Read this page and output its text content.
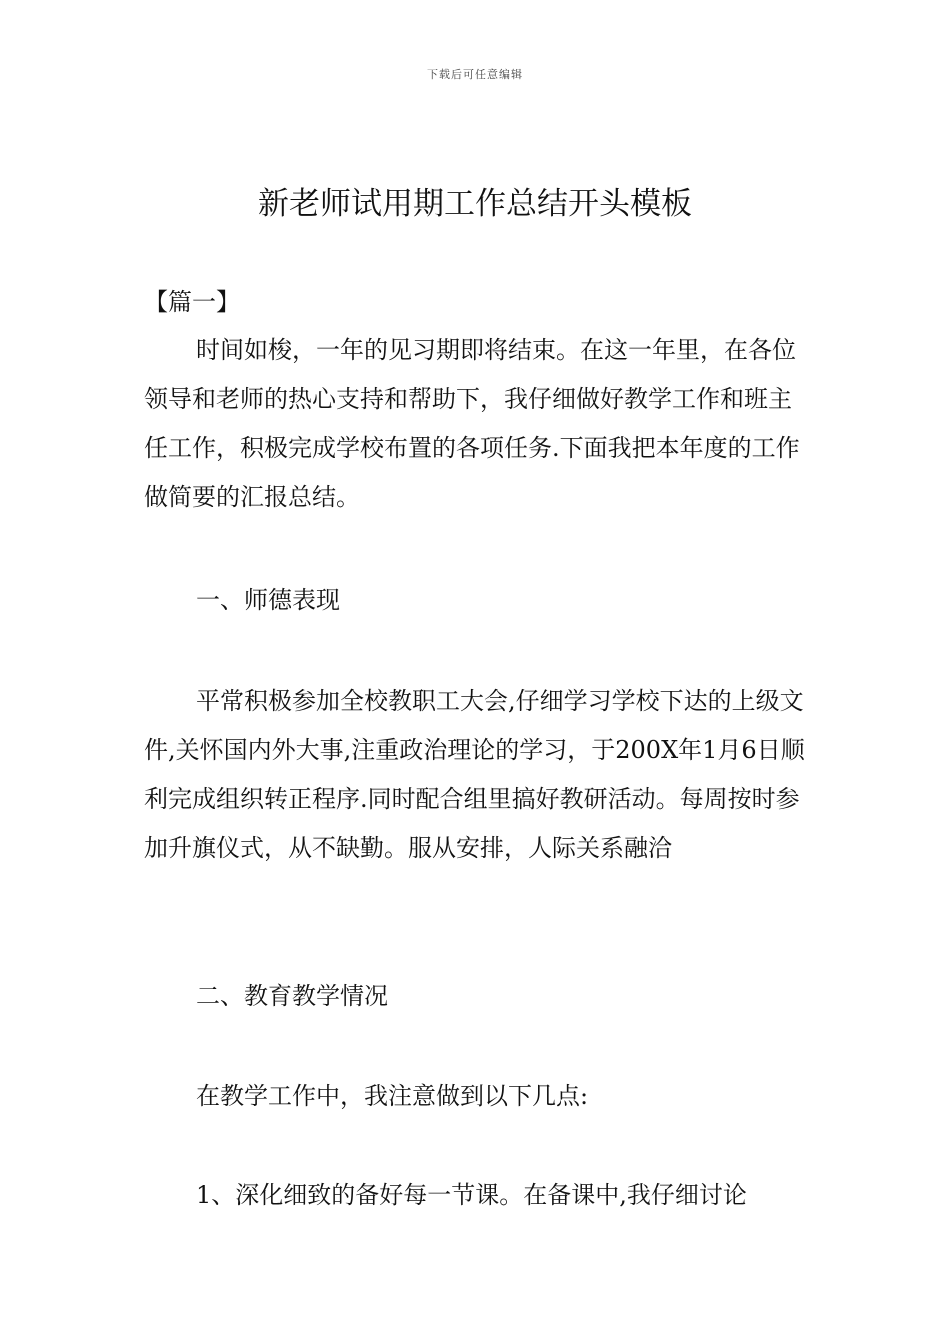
下载后可任意编辑
新老师试用期工作总结开头模板
【篇一】

时间如梭，一年的见习期即将结束。在这一年里，在各位领导和老师的热心支持和帮助下，我仔细做好教学工作和班主任工作，积极完成学校布置的各项任务.下面我把本年度的工作做简要的汇报总结。

一、师德表现

平常积极参加全校教职工大会,仔细学习学校下达的上级文件,关怀国内外大事,注重政治理论的学习，于200X年1月6日顺利完成组织转正程序.同时配合组里搞好教研活动。每周按时参加升旗仪式，从不缺勤。服从安排，人际关系融洽

二、教育教学情况

在教学工作中，我注意做到以下几点:

1、深化细致的备好每一节课。在备课中,我仔细讨论
